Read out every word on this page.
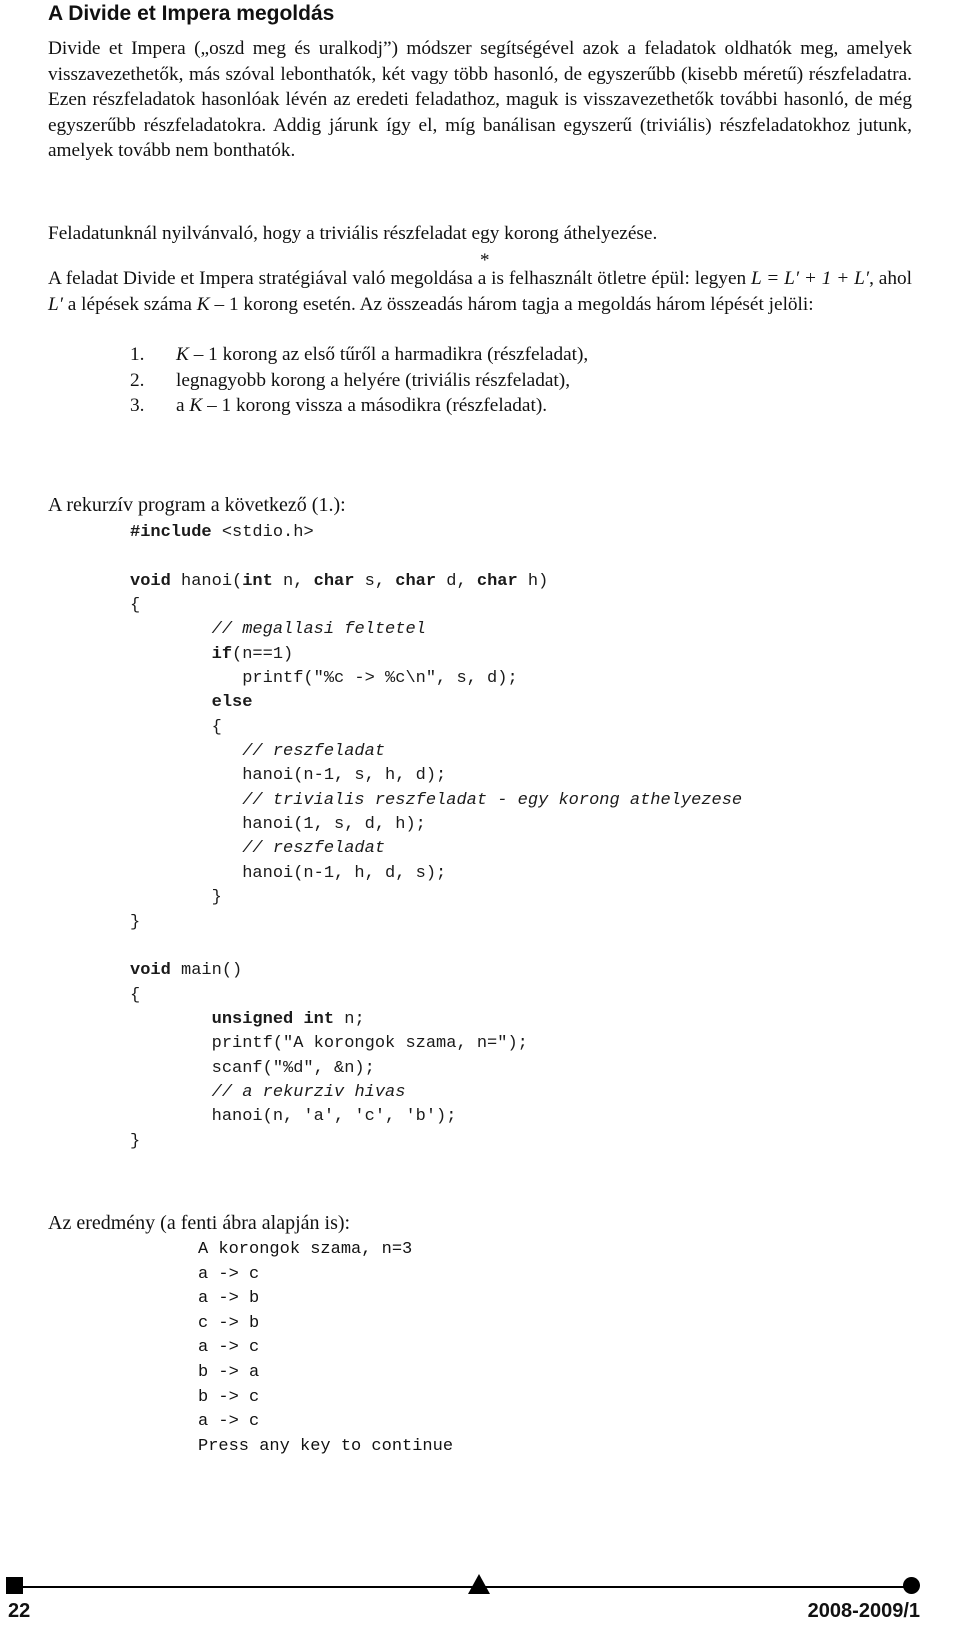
A Divide et Impera megoldás

Divide et Impera („oszd meg és uralkodj”) módszer segítségével azok a feladatok oldhatók meg, amelyek visszavezethetők, más szóval lebonthatók, két vagy több hasonló, de egyszerűbb (kisebb méretű) részfeladatra. Ezen részfeladatok hasonlóak lévén az eredeti feladathoz, maguk is visszavezethetők további hasonló, de még egyszerűbb részfeladatokra. Addig járunk így el, míg banálisan egyszerű (triviális) részfeladatokhoz jutunk, amelyek tovább nem bonthatók.

Feladatunknál nyilvánvaló, hogy a triviális részfeladat egy korong áthelyezése.

*

A feladat Divide et Impera stratégiával való megoldása a is felhasznált ötletre épül: legyen L = L′ + 1 + L′, ahol L′ a lépések száma K – 1 korong esetén. Az összeadás három tagja a megoldás három lépését jelöli:

1.	K – 1 korong az első tűről a harmadikra (részfeladat),
2.	legnagyobb korong a helyére (triviális részfeladat),
3.	a K – 1 korong vissza a másodikra (részfeladat).

A rekurzív program a következő (1.):

#include <stdio.h>
void hanoi(int n, char s, char d, char h)
{
// megallasi feltetel
if(n==1)
printf("%c -> %c\n", s, d);
else
{
// reszfeladat
hanoi(n-1, s, h, d);
// trivialis reszfeladat - egy korong athelyezese
hanoi(1, s, d, h);
// reszfeladat
hanoi(n-1, h, d, s);
}
}
void main()
{
unsigned int n;
printf("A korongok szama, n=");
scanf("%d", &n);
// a rekurziv hivas
hanoi(n, 'a', 'c', 'b');
}

Az eredmény (a fenti ábra alapján is):

A korongok szama, n=3
a -> c
a -> b
c -> b
a -> c
b -> a
b -> c
a -> c
Press any key to continue
22	2008-2009/1
